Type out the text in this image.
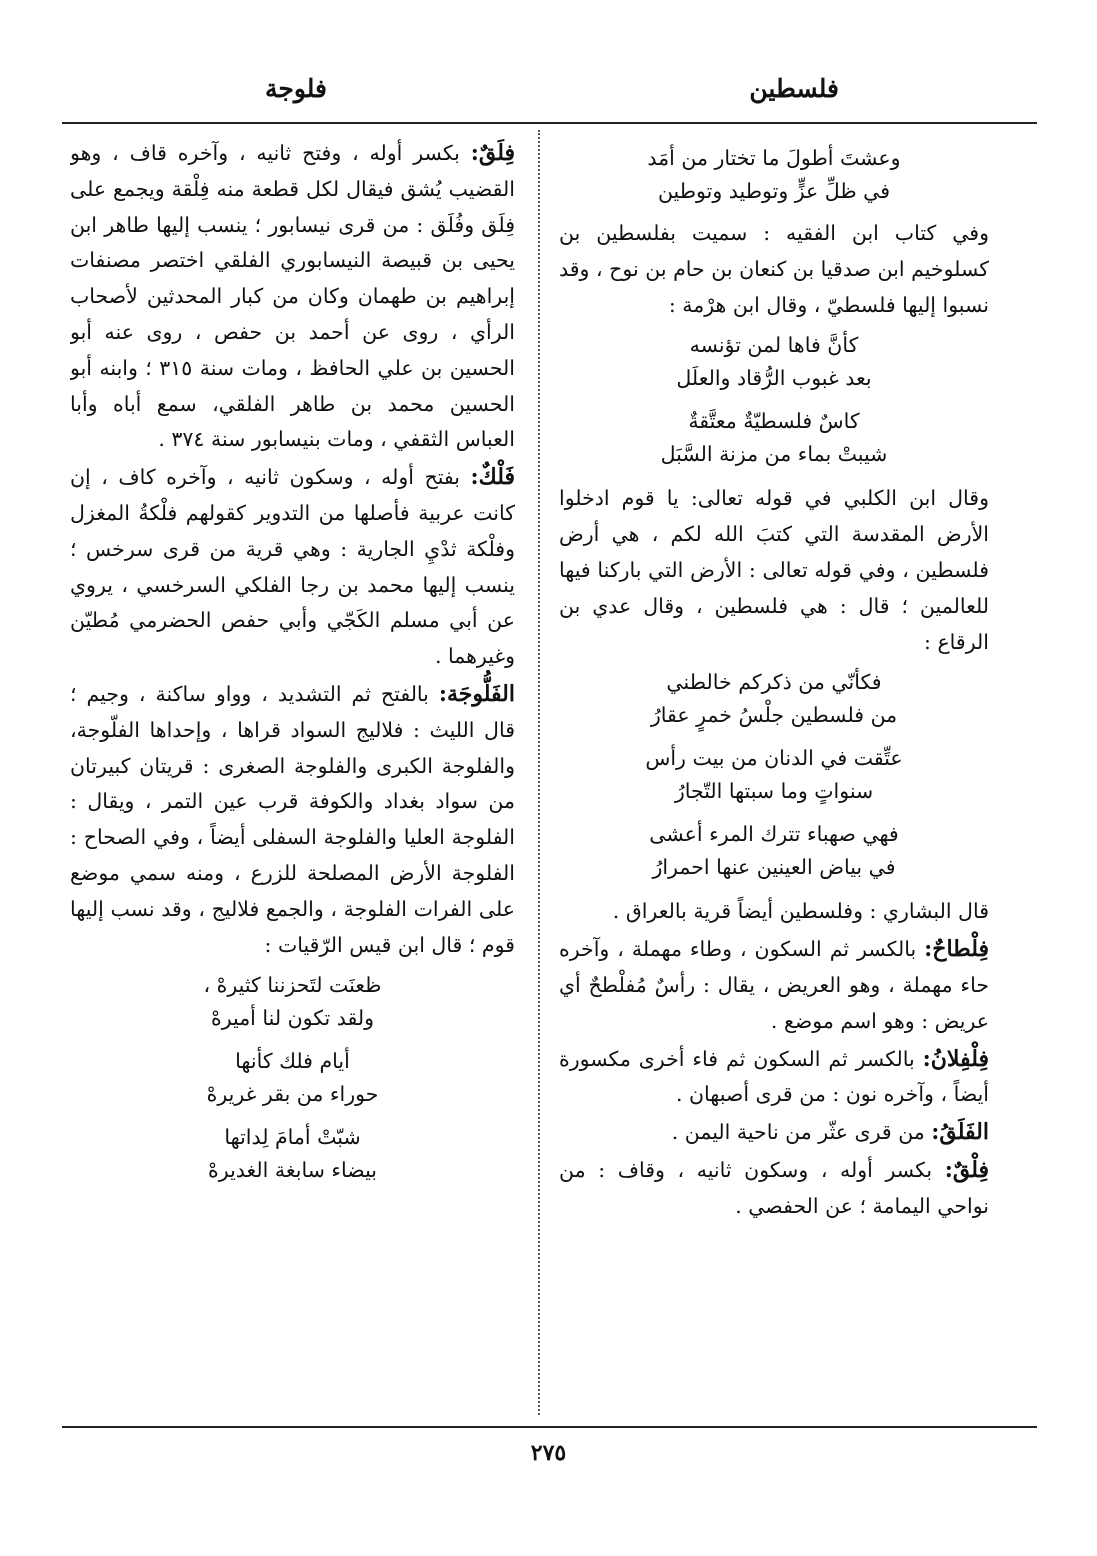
فلسطين
فلوجة
وعشتَ أطولَ ما تختار من أمَد
في ظلِّ عزٍّ وتوطيد وتوطين

وفي كتاب ابن الفقيه : سميت بفلسطين بن كسلوخيم ابن صدقيا بن كنعان بن حام بن نوح ، وقد نسبوا إليها فلسطيّ ، وقال ابن هرْمة :

كأنَّ فاها لمن تؤنسه
بعد غبوب الرُّقاد والعلَل
كاسٌ فلسطيّةٌ معتَّقةٌ
شيبتْ بماء من مزنة السَّبَل

وقال ابن الكلبي في قوله تعالى: يا قوم ادخلوا الأرض المقدسة التي كتبَ الله لكم ، هي أرض فلسطين ، وفي قوله تعالى : الأرض التي باركنا فيها للعالمين ؛ قال : هي فلسطين ، وقال عدي بن الرقاع :

فكأنّي من ذكركم خالطني
من فلسطين جلْسُ خمرٍ عقارُ
عتِّقت في الدنان من بيت رأس
سنواتٍ وما سبتها التّجارُ
فهي صهباء تترك المرء أعشى
في بياض العينين عنها احمرارُ

قال البشاري : وفلسطين أيضاً قرية بالعراق .

فِلْطاحٌ: بالكسر ثم السكون ، وطاء مهملة ، وآخره حاء مهملة ، وهو العريض ، يقال : رأسٌ مُفلْطحٌ أي عريض : وهو اسم موضع .

فِلْفِلانُ: بالكسر ثم السكون ثم فاء أخرى مكسورة أيضاً ، وآخره نون : من قرى أصبهان .

الفَلَقُ: من قرى عثّر من ناحية اليمن .

فِلْقٌ: بكسر أوله ، وسكون ثانيه ، وقاف : من نواحي اليمامة ؛ عن الحفصي .

فِلَقٌ: بكسر أوله ، وفتح ثانيه ، وآخره قاف ، وهو القضيب يُشق فيقال لكل قطعة منه فِلْقة ويجمع على فِلَق وفُلَق : من قرى نيسابور ؛ ينسب إليها طاهر ابن يحيى بن قبيصة النيسابوري الفلقي اختصر مصنفات إبراهيم بن طهمان وكان من كبار المحدثين لأصحاب الرأي ، روى عن أحمد بن حفص ، روى عنه أبو الحسين بن علي الحافظ ، ومات سنة ٣١٥ ؛ وابنه أبو الحسين محمد بن طاهر الفلقي، سمع أباه وأبا العباس الثقفي ، ومات بنيسابور سنة ٣٧٤ .

فَلْكٌ: بفتح أوله ، وسكون ثانيه ، وآخره كاف ، إن كانت عربية فأصلها من التدوير كقولهم فلْكةُ المغزل وفلْكة ثدْيِ الجارية : وهي قرية من قرى سرخس ؛ ينسب إليها محمد بن رجا الفلكي السرخسي ، يروي عن أبي مسلم الكَجّي وأبي حفص الحضرمي مُطيّن وغيرهما .

الفَلُّوجَة: بالفتح ثم التشديد ، وواو ساكنة ، وجيم ؛ قال الليث : فلاليج السواد قراها ، وإحداها الفلّوجة، والفلوجة الكبرى والفلوجة الصغرى : قريتان كبيرتان من سواد بغداد والكوفة قرب عين التمر ، ويقال : الفلوجة العليا والفلوجة السفلى أيضاً ، وفي الصحاح : الفلوجة الأرض المصلحة للزرع ، ومنه سمي موضع على الفرات الفلوجة ، والجمع فلاليج ، وقد نسب إليها قوم ؛ قال ابن قيس الرّقيات :

ظعنَت لتَحزننا كثيرهْ ،
ولقد تكون لنا أميرهْ
أيام فلك كأنها
حوراء من بقر غريرهْ
شبّتْ أمامَ لِداتها
بيضاء سابغة الغديرهْ
٢٧٥
